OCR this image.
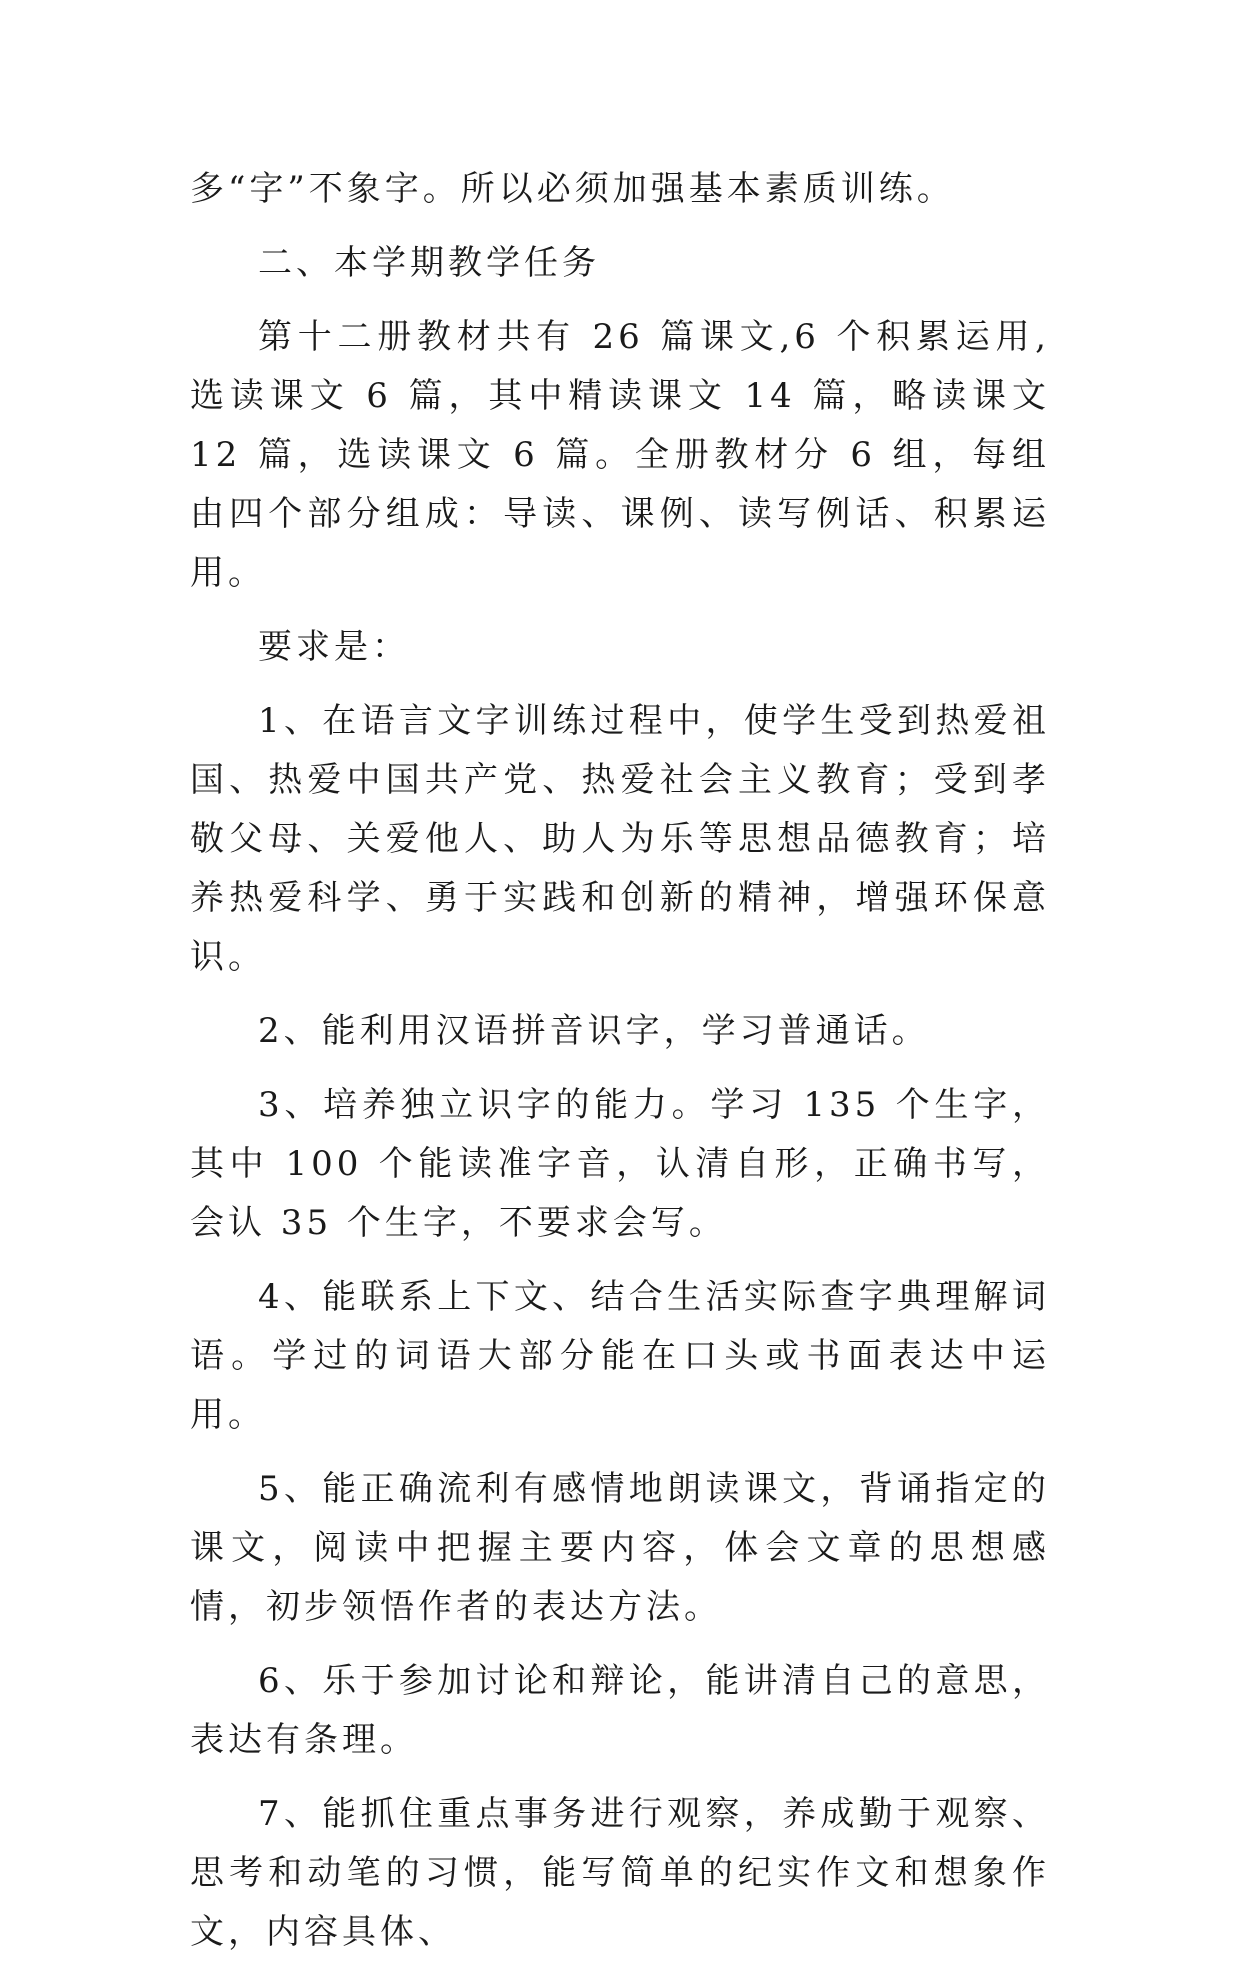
多“字”不象字。所以必须加强基本素质训练。

二、本学期教学任务

第十二册教材共有 26 篇课文,6 个积累运用,选读课文 6 篇，其中精读课文 14 篇，略读课文 12 篇，选读课文 6 篇。全册教材分 6 组，每组由四个部分组成：导读、课例、读写例话、积累运用。

要求是：

1、在语言文字训练过程中，使学生受到热爱祖国、热爱中国共产党、热爱社会主义教育；受到孝敬父母、关爱他人、助人为乐等思想品德教育；培养热爱科学、勇于实践和创新的精神，增强环保意识。

2、能利用汉语拼音识字，学习普通话。

3、培养独立识字的能力。学习 135 个生字，其中 100 个能读准字音，认清自形，正确书写，会认 35 个生字，不要求会写。

4、能联系上下文、结合生活实际查字典理解词语。学过的词语大部分能在口头或书面表达中运用。

5、能正确流利有感情地朗读课文，背诵指定的课文，阅读中把握主要内容，体会文章的思想感情，初步领悟作者的表达方法。

6、乐于参加讨论和辩论，能讲清自己的意思，表达有条理。

7、能抓住重点事务进行观察，养成勤于观察、思考和动笔的习惯，能写简单的纪实作文和想象作文，内容具体、
